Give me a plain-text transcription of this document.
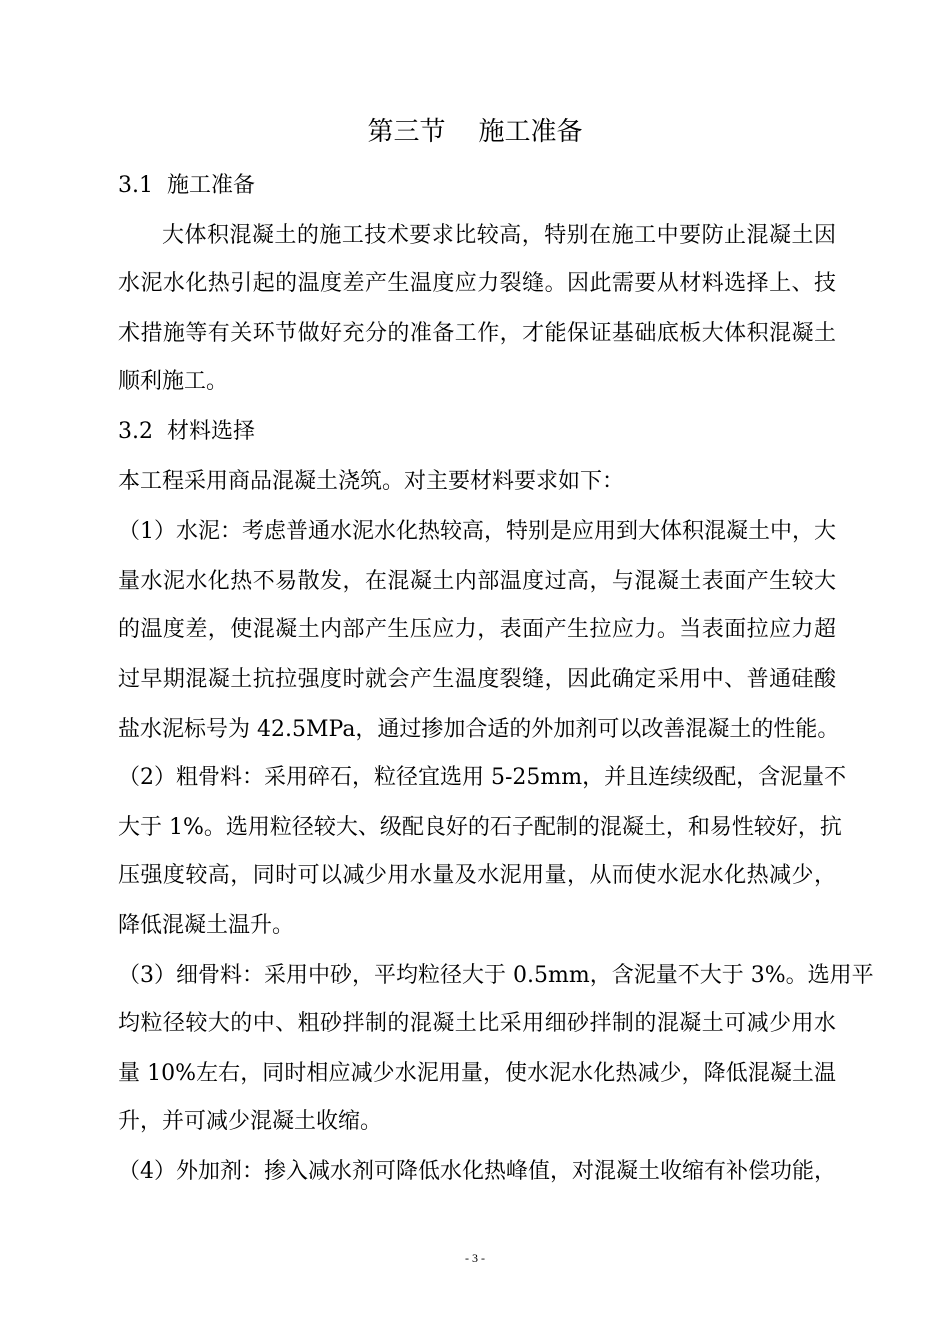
第三节    施工准备
3.1  施工准备
大体积混凝土的施工技术要求比较高，特别在施工中要防止混凝土因
水泥水化热引起的温度差产生温度应力裂缝。因此需要从材料选择上、技
术措施等有关环节做好充分的准备工作，才能保证基础底板大体积混凝土
顺利施工。
3.2  材料选择
本工程采用商品混凝土浇筑。对主要材料要求如下：
（1）水泥：考虑普通水泥水化热较高，特别是应用到大体积混凝土中，大
量水泥水化热不易散发，在混凝土内部温度过高，与混凝土表面产生较大
的温度差，使混凝土内部产生压应力，表面产生拉应力。当表面拉应力超
过早期混凝土抗拉强度时就会产生温度裂缝，因此确定采用中、普通硅酸
盐水泥标号为 42.5MPa，通过掺加合适的外加剂可以改善混凝土的性能。
（2）粗骨料：采用碎石，粒径宜选用 5-25mm，并且连续级配，含泥量不
大于 1%。选用粒径较大、级配良好的石子配制的混凝土，和易性较好，抗
压强度较高，同时可以减少用水量及水泥用量，从而使水泥水化热减少，
降低混凝土温升。
（3）细骨料：采用中砂，平均粒径大于 0.5mm，含泥量不大于 3%。选用平
均粒径较大的中、粗砂拌制的混凝土比采用细砂拌制的混凝土可减少用水
量 10%左右，同时相应减少水泥用量，使水泥水化热减少，降低混凝土温
升，并可减少混凝土收缩。
（4）外加剂：掺入减水剂可降低水化热峰值，对混凝土收缩有补偿功能，
- 3 -
